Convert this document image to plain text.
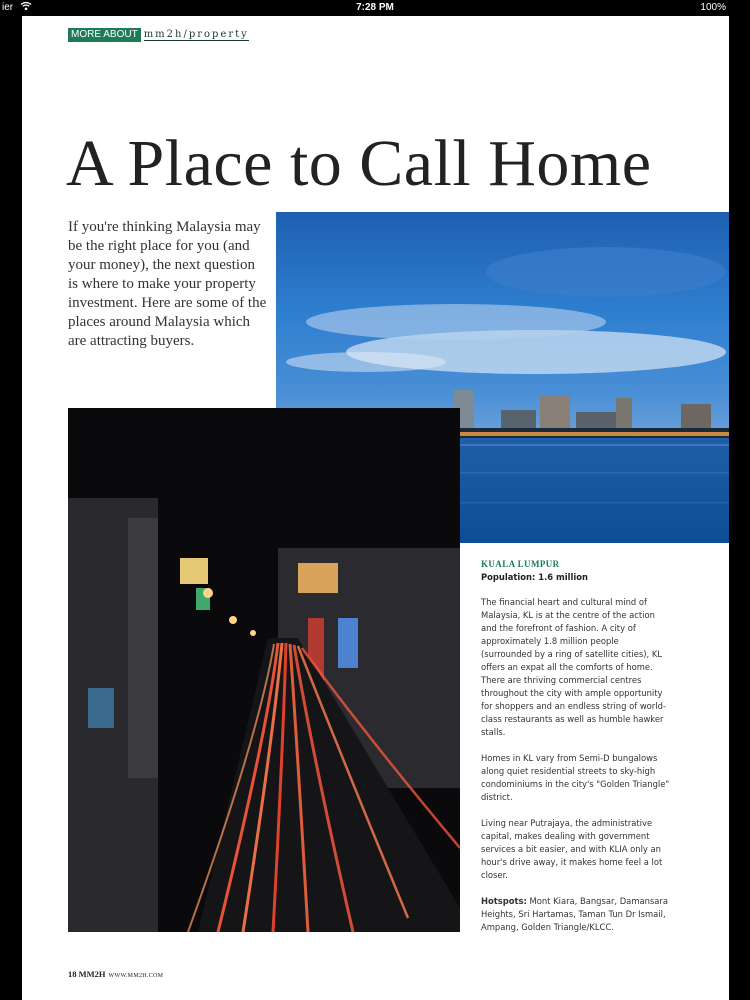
ier	7:28 PM	100%
MORE ABOUT mm2h/property
A Place to Call Home
If you're thinking Malaysia may be the right place for you (and your money), the next question is where to make your property investment. Here are some of the places around Malaysia which are attracting buyers.
KUALA LUMPUR
Population: 1.6 million

The financial heart and cultural mind of Malaysia, KL is at the centre of the action and the forefront of fashion. A city of approximately 1.8 million people (surrounded by a ring of satellite cities), KL offers an expat all the comforts of home. There are thriving commercial centres throughout the city with ample opportunity for shoppers and an endless string of world-class restaurants as well as humble hawker stalls.

Homes in KL vary from Semi-D bungalows along quiet residential streets to sky-high condominiums in the city's "Golden Triangle" district.

Living near Putrajaya, the administrative capital, makes dealing with government services a bit easier, and with KLIA only an hour's drive away, it makes home feel a lot closer.

Hotspots: Mont Kiara, Bangsar, Damansara Heights, Sri Hartamas, Taman Tun Dr Ismail, Ampang, Golden Triangle/KLCC.

18 MM2H WWW.MM2H.COM
